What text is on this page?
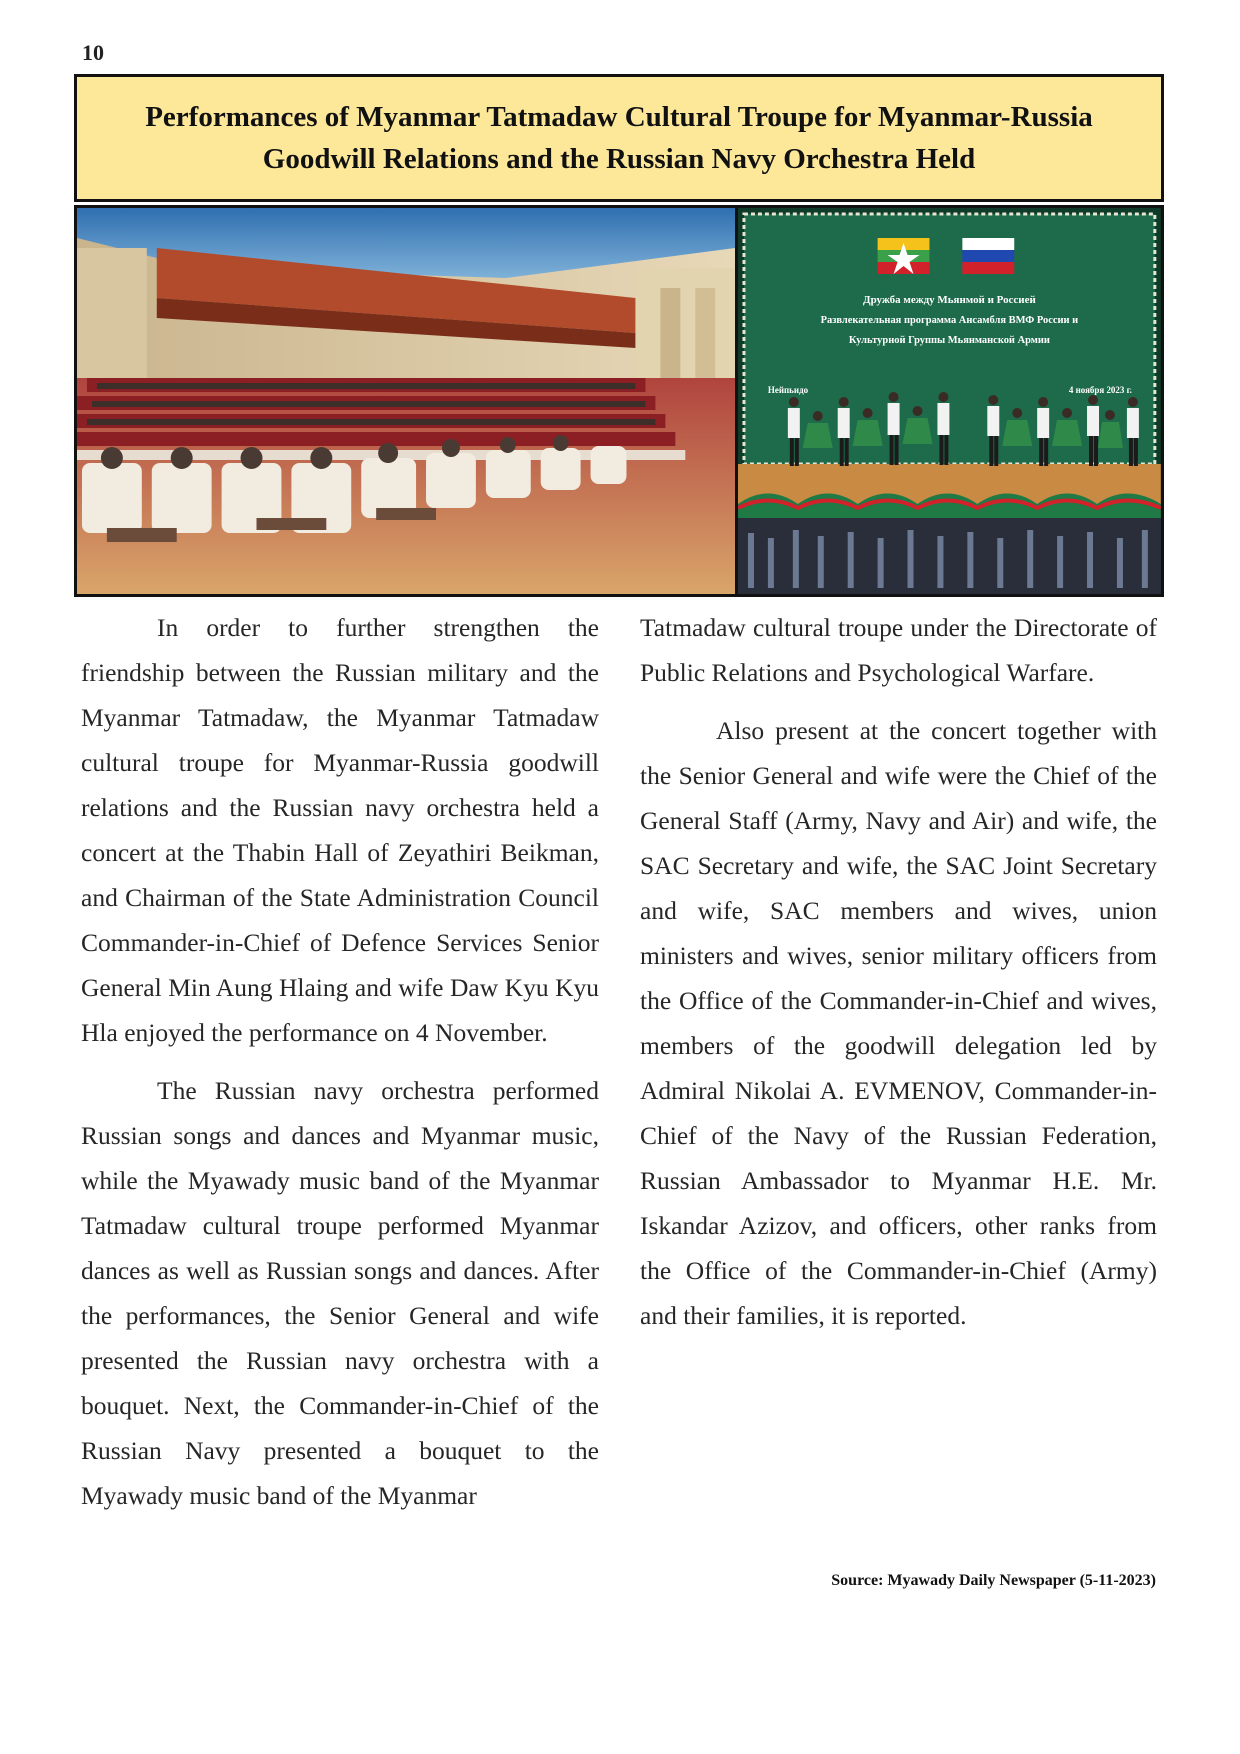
10
Performances of Myanmar Tatmadaw Cultural Troupe for Myanmar-Russia
Goodwill Relations and the Russian Navy Orchestra Held
Дружба между Мьянмой и Россией
Развлекательная программа Ансамбля ВМФ России и
Культурной Группы Мьянманской Армии
Нейпьидо	4 ноября 2023 г.

In order to further strengthen the friendship between the Russian military and the Myanmar Tatmadaw, the Myanmar Tatmadaw cultural troupe for Myanmar-Russia goodwill relations and the Russian navy orchestra held a concert at the Thabin Hall of Zeyathiri Beikman, and Chairman of the State Administration Council Commander-in-Chief of Defence Services Senior General Min Aung Hlaing and wife Daw Kyu Kyu Hla enjoyed the performance on 4 November.

The Russian navy orchestra performed Russian songs and dances and Myanmar music, while the Myawady music band of the Myanmar Tatmadaw cultural troupe performed Myanmar dances as well as Russian songs and dances. After the performances, the Senior General and wife presented the Russian navy orchestra with a bouquet. Next, the Commander-in-Chief of the Russian Navy presented a bouquet to the Myawady music band of the Myanmar

Tatmadaw cultural troupe under the Directorate of Public Relations and Psychological Warfare.

Also present at the concert together with the Senior General and wife were the Chief of the General Staff (Army, Navy and Air) and wife, the SAC Secretary and wife, the SAC Joint Secretary and wife, SAC members and wives, union ministers and wives, senior military officers from the Office of the Commander-in-Chief and wives, members of the goodwill delegation led by Admiral Nikolai A. EVMENOV, Commander-in- Chief of the Navy of the Russian Federation, Russian Ambassador to Myanmar H.E. Mr. Iskandar Azizov, and officers, other ranks from the Office of the Commander-in-Chief (Army) and their families, it is reported.

Source: Myawady Daily Newspaper (5-11-2023)
